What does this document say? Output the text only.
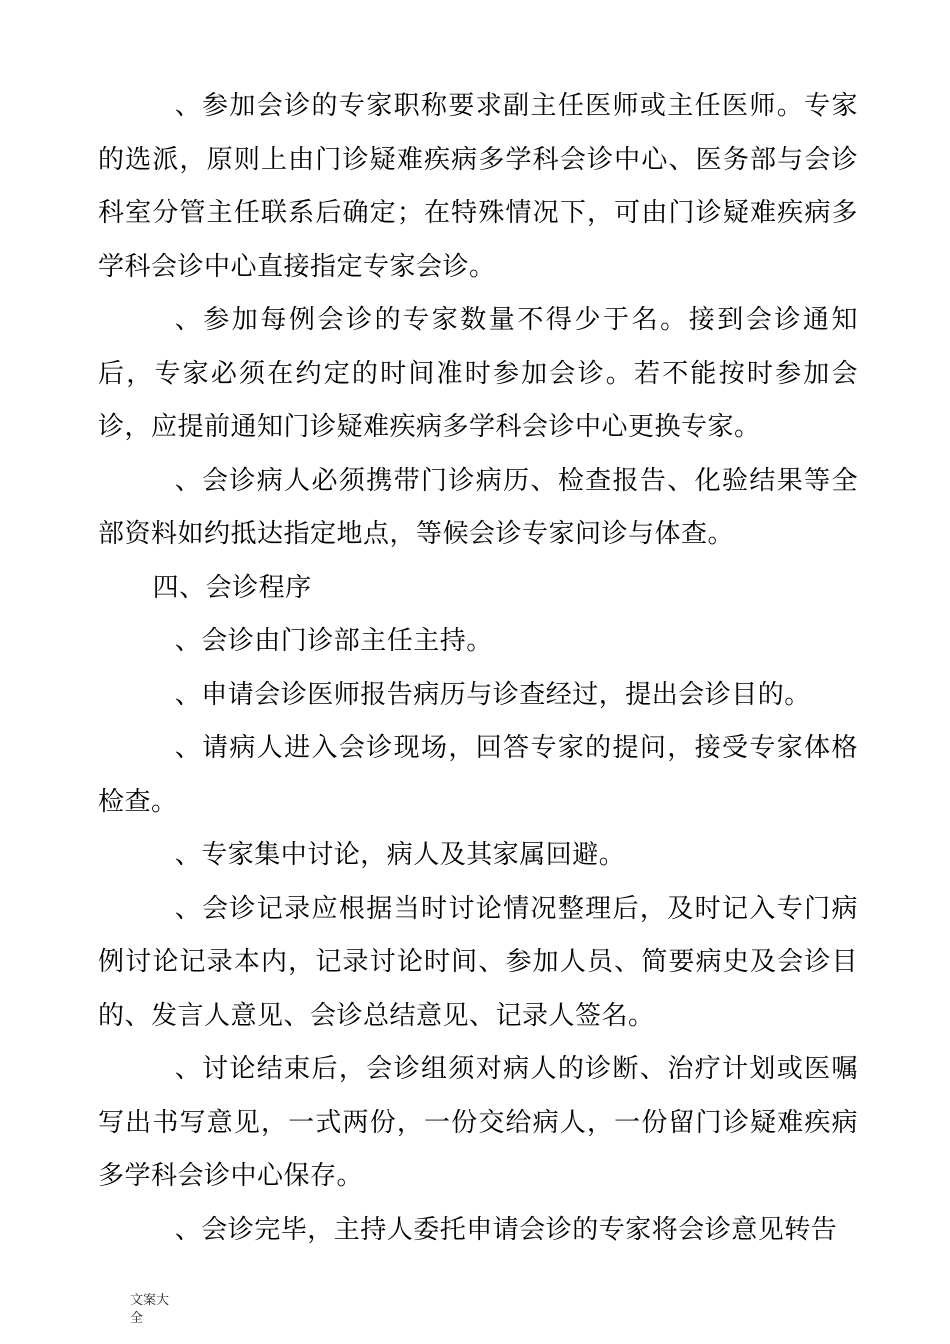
、参加会诊的专家职称要求副主任医师或主任医师。专家的选派，原则上由门诊疑难疾病多学科会诊中心、医务部与会诊科室分管主任联系后确定；在特殊情况下，可由门诊疑难疾病多学科会诊中心直接指定专家会诊。

、参加每例会诊的专家数量不得少于名。接到会诊通知后，专家必须在约定的时间准时参加会诊。若不能按时参加会诊，应提前通知门诊疑难疾病多学科会诊中心更换专家。

、会诊病人必须携带门诊病历、检查报告、化验结果等全部资料如约抵达指定地点，等候会诊专家问诊与体查。

四、会诊程序

、会诊由门诊部主任主持。

、申请会诊医师报告病历与诊查经过，提出会诊目的。

、请病人进入会诊现场，回答专家的提问，接受专家体格检查。

、专家集中讨论，病人及其家属回避。

、会诊记录应根据当时讨论情况整理后，及时记入专门病例讨论记录本内，记录讨论时间、参加人员、简要病史及会诊目的、发言人意见、会诊总结意见、记录人签名。

、讨论结束后，会诊组须对病人的诊断、治疗计划或医嘱写出书写意见，一式两份，一份交给病人，一份留门诊疑难疾病多学科会诊中心保存。

、会诊完毕，主持人委托申请会诊的专家将会诊意见转告

文案大全
